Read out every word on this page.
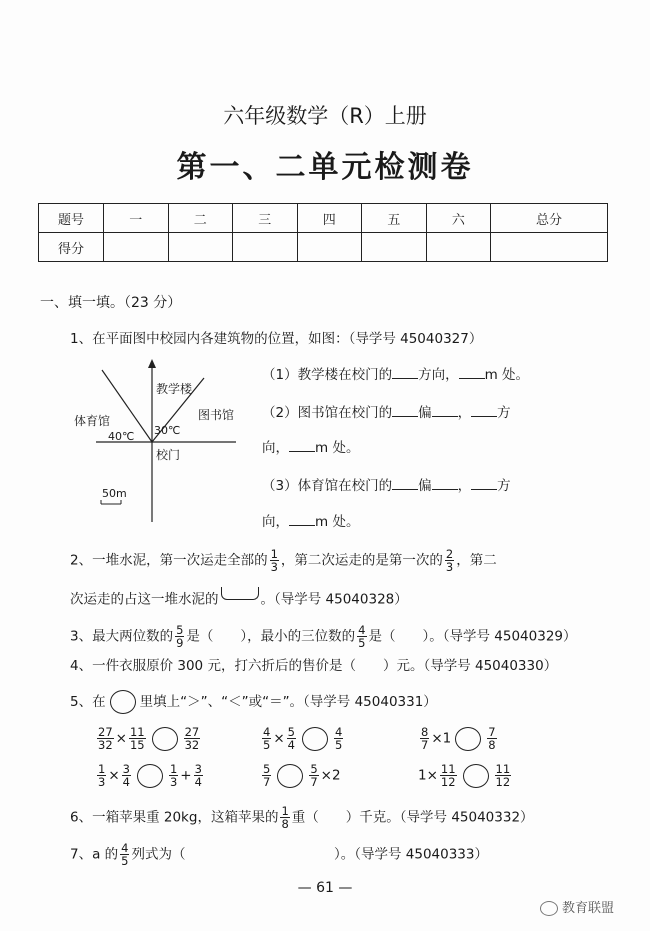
六年级数学（R）上册
第一、二单元检测卷
题号	一	二	三	四	五	六	总分
得分							
一、填一填。（23 分）
1、在平面图中校园内各建筑物的位置，如图：（导学号 45040327）
教学楼
图书馆
体育馆
40℃ 30℃
校门
50m
（1）教学楼在校门的 方向， m 处。
（2）图书馆在校门的 偏 ， 方
向， m 处。
（3）体育馆在校门的 偏 ， 方
向， m 处。
2、一堆水泥，第一次运走全部的 $\frac{1}{3}$ ，第二次运走的是第一次的 $\frac{2}{3}$ ，第二
次运走的占这一堆水泥的	。（导学号 45040328）
3、最大两位数的 $\frac{5}{9}$ 是（　　），最小的三位数的 $\frac{4}{5}$ 是（　　）。（导学号 45040329）
4、一件衣服原价 300 元，打六折后的售价是（　　）元。（导学号 45040330）
5、在	里填上“＞”、“＜”或“＝”。（导学号 45040331）
$\frac{27}{32} \times \frac{11}{15}$	$\frac{27}{32}$	$\frac{4}{5} \times \frac{5}{4}$	$\frac{4}{5}$	$\frac{8}{7} \times 1$	$\frac{7}{8}$
$\frac{1}{3} \times \frac{3}{4}$	$\frac{1}{3} + \frac{3}{4}$	$\frac{5}{7}$	$\frac{5}{7} \times 2$	$1\times \frac{11}{12}$	$\frac{11}{12}$
6、一箱苹果重 20kg，这箱苹果的 $\frac{1}{8}$ 重（　　）千克。（导学号 45040332）
7、a 的 $\frac{4}{5}$ 列式为（　　　　　　　　　　　）。（导学号 45040333）
— 61 —
教育联盟
